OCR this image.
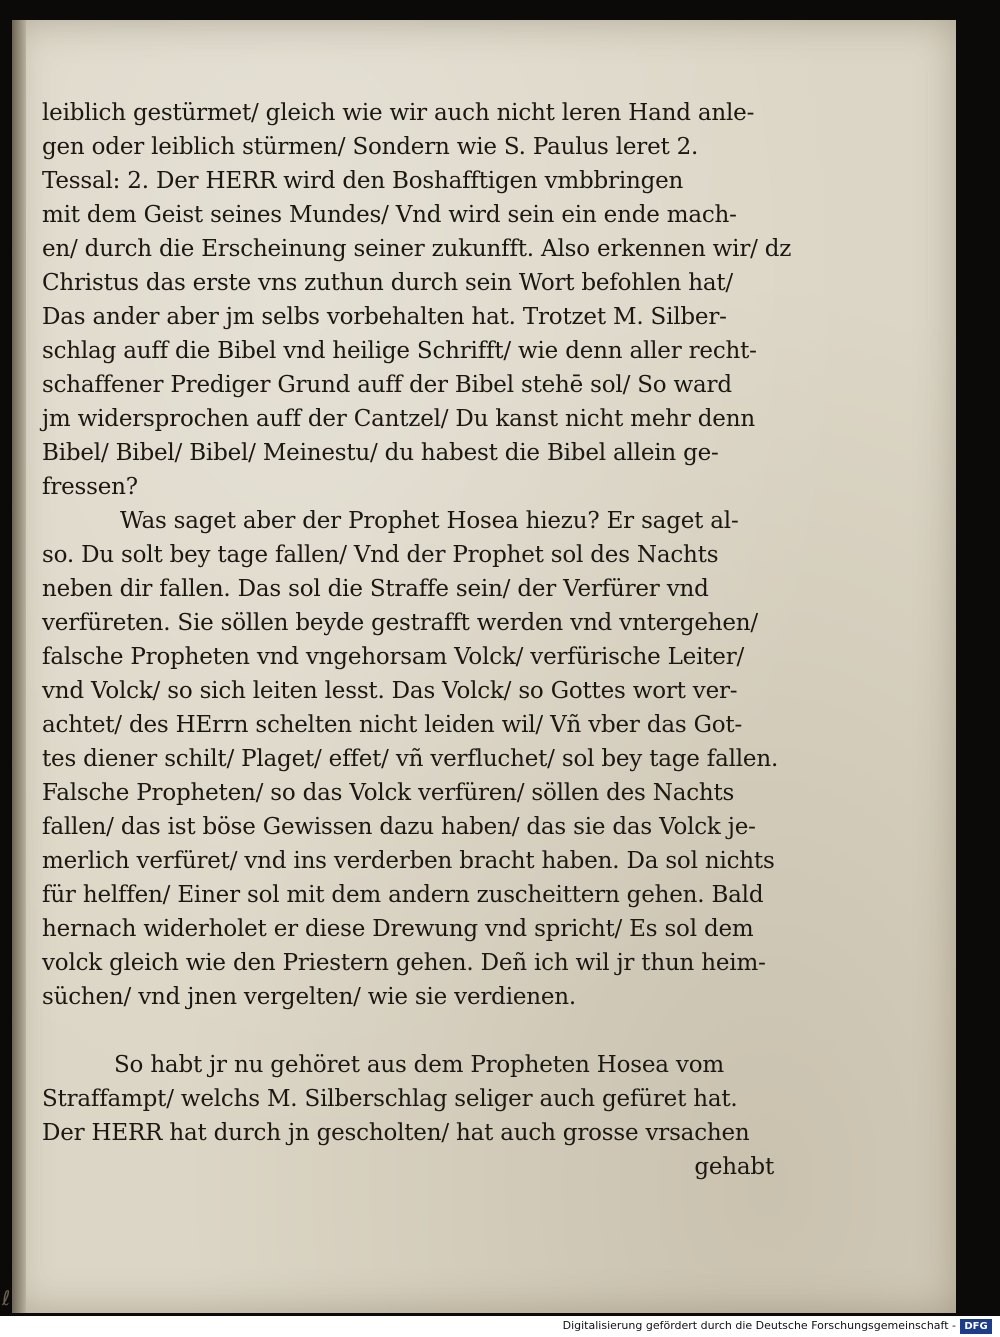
leiblich gestürmet/ gleich wie wir auch nicht leren Hand anle-
gen oder leiblich stürmen/ Sondern wie S. Paulus leret 2.
Tessal: 2. Der HERR wird den Boshafftigen vmbbringen
mit dem Geist seines Mundes/ Vnd wird sein ein ende mach-
en/ durch die Erscheinung seiner zukunfft. Also erkennen wir/ dz
Christus das erste vns zuthun durch sein Wort befohlen hat/
Das ander aber jm selbs vorbehalten hat. Trotzet M. Silber-
schlag auff die Bibel vnd heilige Schrifft/ wie denn aller recht-
schaffener Prediger Grund auff der Bibel stehē sol/ So ward
jm widersprochen auff der Cantzel/ Du kanst nicht mehr denn
Bibel/ Bibel/ Bibel/ Meinestu/ du habest die Bibel allein ge-
fressen?
Was saget aber der Prophet Hosea hiezu? Er saget al-
so. Du solt bey tage fallen/ Vnd der Prophet sol des Nachts
neben dir fallen. Das sol die Straffe sein/ der Verfürer vnd
verfüreten. Sie söllen beyde gestrafft werden vnd vntergehen/
falsche Propheten vnd vngehorsam Volck/ verfürische Leiter/
vnd Volck/ so sich leiten lesst. Das Volck/ so Gottes wort ver-
achtet/ des HErrn schelten nicht leiden wil/ Vñ vber das Got-
tes diener schilt/ Plaget/ effet/ vñ verfluchet/ sol bey tage fallen.
Falsche Propheten/ so das Volck verfüren/ söllen des Nachts
fallen/ das ist böse Gewissen dazu haben/ das sie das Volck je-
merlich verfüret/ vnd ins verderben bracht haben. Da sol nichts
für helffen/ Einer sol mit dem andern zuscheittern gehen. Bald
hernach widerholet er diese Drewung vnd spricht/ Es sol dem
volck gleich wie den Priestern gehen. Deñ ich wil jr thun heim-
süchen/ vnd jnen vergelten/ wie sie verdienen.
So habt jr nu gehöret aus dem Propheten Hosea vom
Straffampt/ welchs M. Silberschlag seliger auch gefüret hat.
Der HERR hat durch jn gescholten/ hat auch grosse vrsachen
gehabt
ℓ
Digitalisierung gefördert durch die Deutsche Forschungsgemeinschaft - DFG
